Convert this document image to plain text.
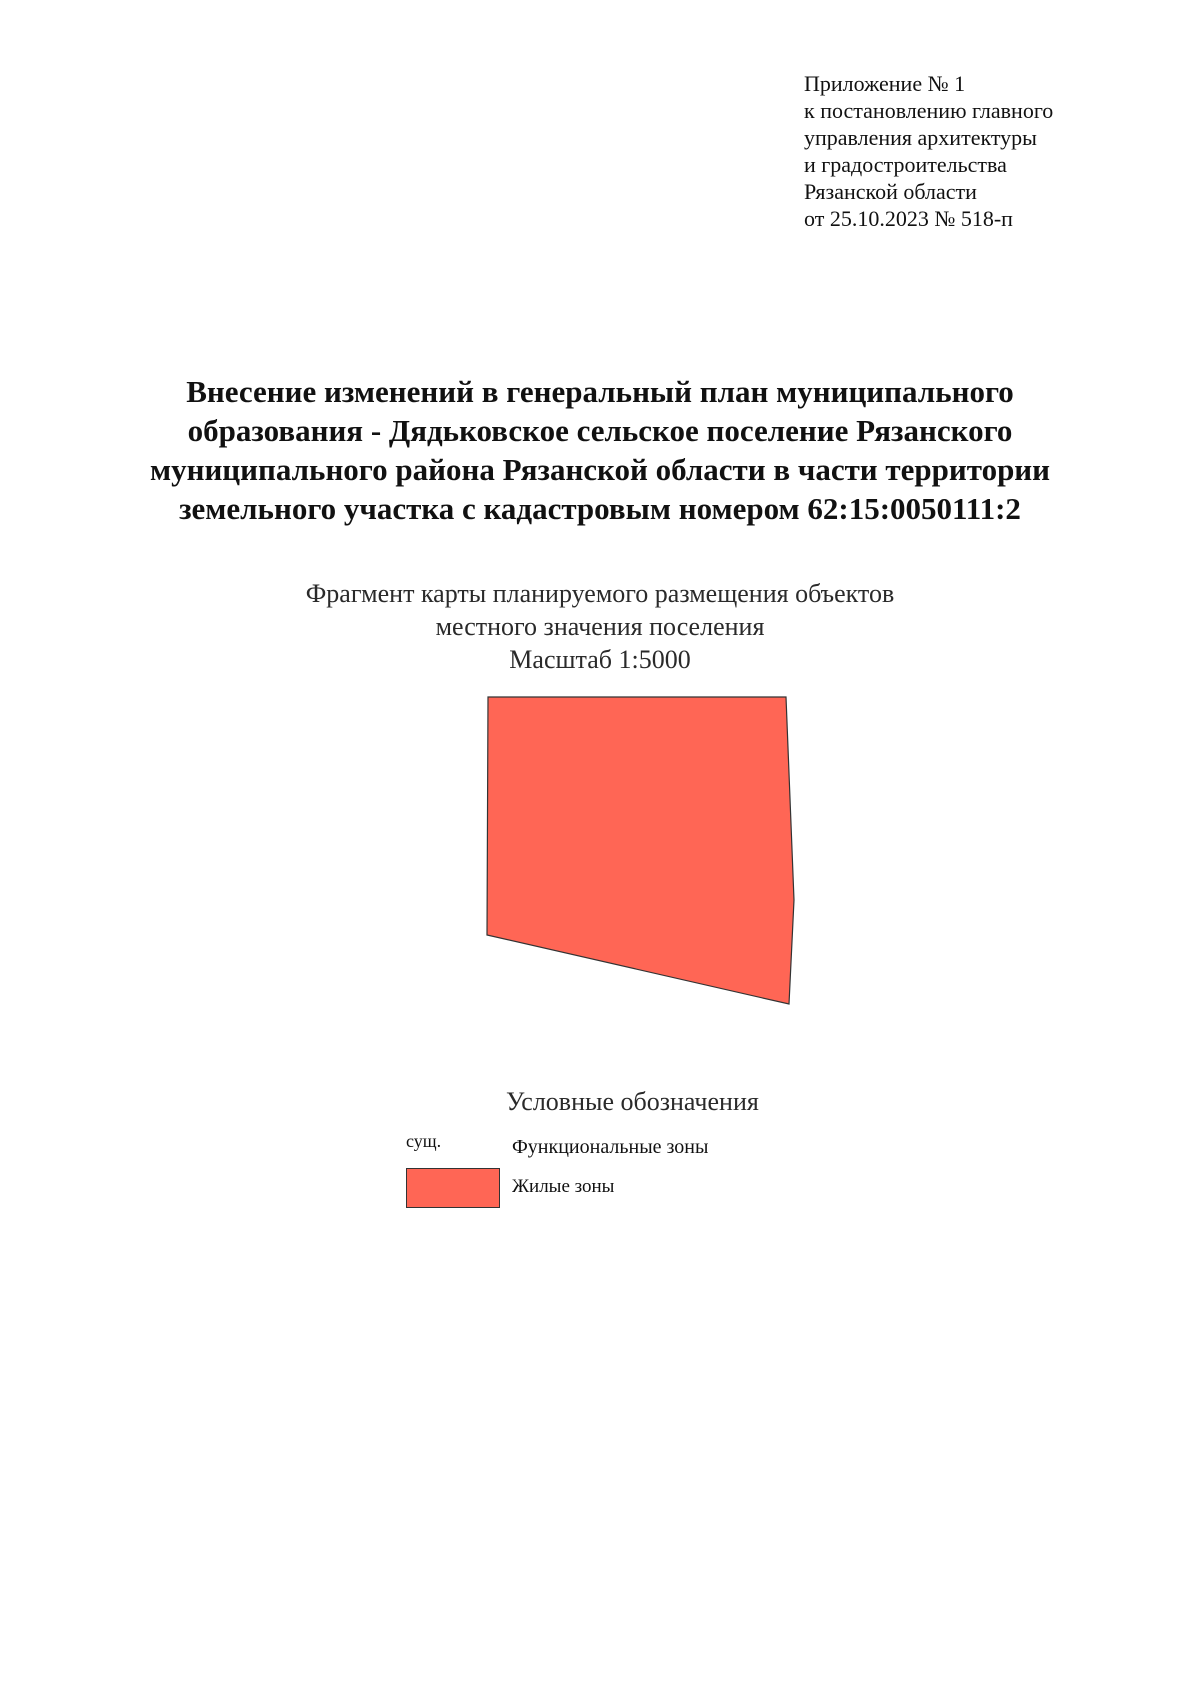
Приложение № 1
к постановлению главного
управления архитектуры
и градостроительства
Рязанской области
от 25.10.2023 № 518-п
Внесение изменений в генеральный план муниципального
образования - Дядьковское сельское поселение Рязанского
муниципального района Рязанской области в части территории
земельного участка с кадастровым номером 62:15:0050111:2
Фрагмент карты планируемого размещения объектов
местного значения поселения
Масштаб 1:5000
Условные обозначения
сущ.	Функциональные зоны
Жилые зоны
